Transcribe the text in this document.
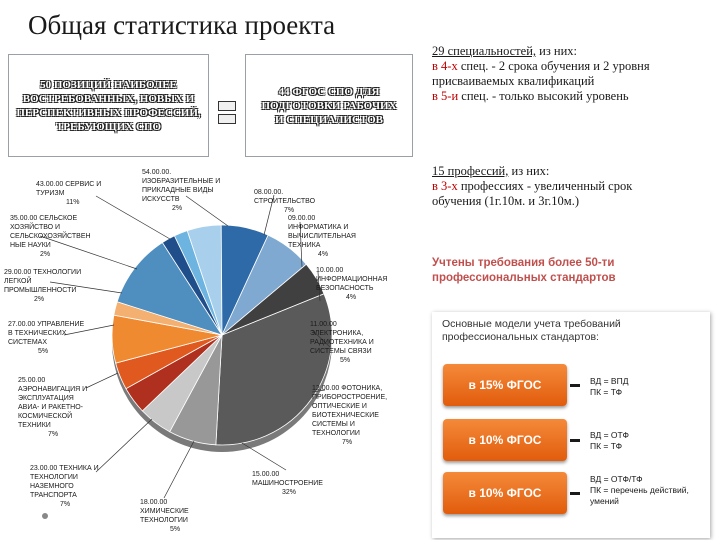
Общая статистика проекта
50 ПОЗИЦИЙ НАИБОЛЕЕ ВОСТРЕБОВАННЫХ, НОВЫХ И ПЕРСПЕКТИВНЫХ ПРОФЕССИЙ, ТРЕБУЮЩИХ СПО
44 ФГОС СПО ДЛЯ ПОДГОТОВКИ РАБОЧИХ И СПЕЦИАЛИСТОВ
29 специальностей, из них:
в 4-х спец. - 2 срока обучения и 2 уровня присваиваемых квалификаций
в 5-и спец. - только высокий уровень
15 профессий, из них:
в 3-х профессиях - увеличенный срок обучения (1г.10м. и 3г.10м.)
Учтены требования более 50-ти
профессиональных стандартов
Основные модели учета требований профессиональных стандартов:
в 15% ФГОС	ВД = ВПД
ПК = ТФ
в 10% ФГОС	ВД = ОТФ
ПК = ТФ
в 10% ФГОС
ВД = ОТФ/ТФ
ПК = перечень действий, умений
15.00.00
МАШИНОСТРОЕНИЕ
32%
12.00.00 ФОТОНИКА,
ПРИБОРОСТРОЕНИЕ,
ОПТИЧЕСКИЕ И
БИОТЕХНИЧЕСКИЕ
СИСТЕМЫ И
ТЕХНОЛОГИИ
7%
11.00.00
ЭЛЕКТРОНИКА,
РАДИОТЕХНИКА И
СИСТЕМЫ СВЯЗИ
5%
10.00.00
ИНФОРМАЦИОННАЯ
БЕЗОПАСНОСТЬ
4%
09.00.00
ИНФОРМАТИКА И
ВЫЧИСЛИТЕЛЬНАЯ
ТЕХНИКА
4%
08.00.00.
СТРОИТЕЛЬСТВО
7%
54.00.00.
ИЗОБРАЗИТЕЛЬНЫЕ И
ПРИКЛАДНЫЕ ВИДЫ
ИСКУССТВ
2%
43.00.00 СЕРВИС И
ТУРИЗМ
11%
35.00.00 СЕЛЬСКОЕ
ХОЗЯЙСТВО И
СЕЛЬСКОХОЗЯЙСТВЕН
НЫЕ НАУКИ
2%
29.00.00 ТЕХНОЛОГИИ
ЛЕГКОЙ
ПРОМЫШЛЕННОСТИ
2%
27.00.00 УПРАВЛЕНИЕ
В ТЕХНИЧЕСКИХ
СИСТЕМАХ
5%
25.00.00
АЭРОНАВИГАЦИЯ И
ЭКСПЛУАТАЦИЯ
АВИА- И РАКЕТНО-
КОСМИЧЕСКОЙ
ТЕХНИКИ
7%
23.00.00 ТЕХНИКА И
ТЕХНОЛОГИИ
НАЗЕМНОГО
ТРАНСПОРТА
7%	18.00.00
ХИМИЧЕСКИЕ
ТЕХНОЛОГИИ
5%
